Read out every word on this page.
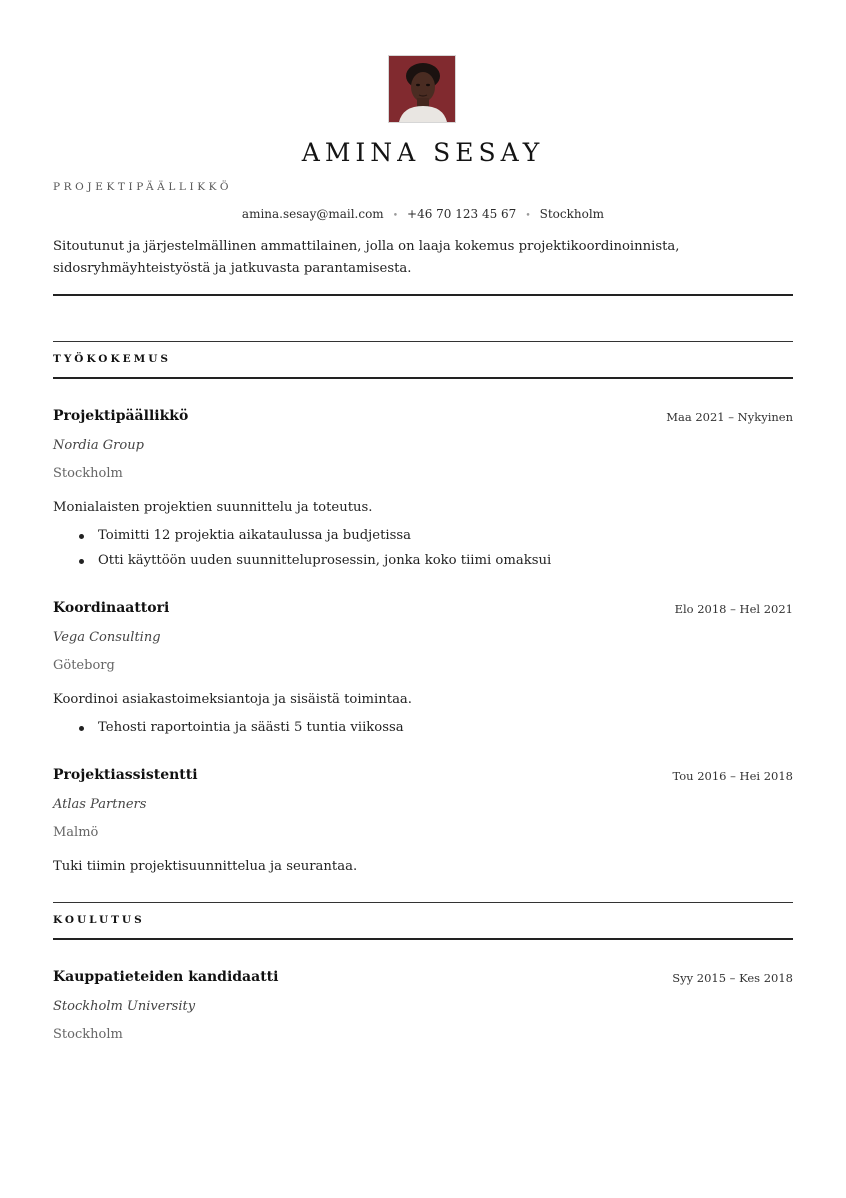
AMINA SESAY

PROJEKTIPÄÄLLIKKÖ

amina.sesay@mail.com • +46 70 123 45 67 • Stockholm

Sitoutunut ja järjestelmällinen ammattilainen, jolla on laaja kokemus projektikoordinoinnista, sidosryhmäyhteistyöstä ja jatkuvasta parantamisesta.

TYÖKOKEMUS
Projektipäällikkö	Maa 2021 – Nykyinen
Nordia Group
Stockholm

Monialaisten projektien suunnittelu ja toteutus.

Toimitti 12 projektia aikataulussa ja budjetissa
Otti käyttöön uuden suunnitteluprosessin, jonka koko tiimi omaksui
Koordinaattori	Elo 2018 – Hel 2021
Vega Consulting
Göteborg

Koordinoi asiakastoimeksiantoja ja sisäistä toimintaa.

Tehosti raportointia ja säästi 5 tuntia viikossa
Projektiassistentti	Tou 2016 – Hei 2018
Atlas Partners
Malmö

Tuki tiimin projektisuunnittelua ja seurantaa.

KOULUTUS
Kauppatieteiden kandidaatti	Syy 2015 – Kes 2018
Stockholm University
Stockholm
